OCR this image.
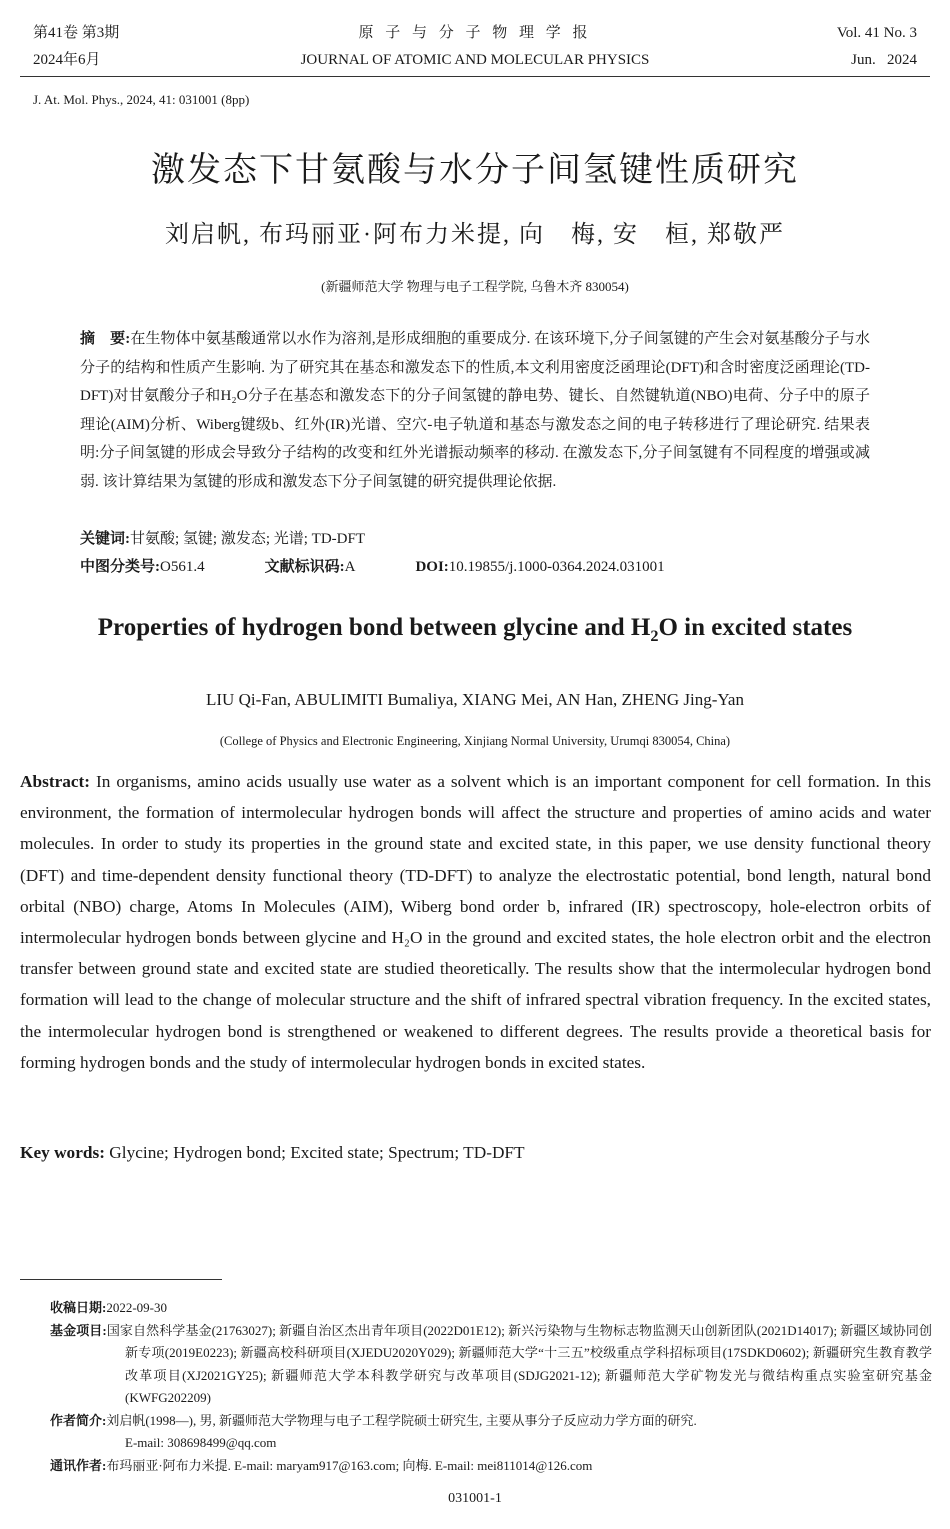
第41卷 第3期
2024年6月
原 子 与 分 子 物 理 学 报
JOURNAL OF ATOMIC AND MOLECULAR PHYSICS
Vol. 41 No. 3
Jun.   2024
J. At. Mol. Phys., 2024, 41: 031001 (8pp)
激发态下甘氨酸与水分子间氢键性质研究
刘启帆, 布玛丽亚·阿布力米提, 向　梅, 安　桓, 郑敬严
(新疆师范大学 物理与电子工程学院, 乌鲁木齐 830054)
摘　要:在生物体中氨基酸通常以水作为溶剂,是形成细胞的重要成分. 在该环境下,分子间氢键的产生会对氨基酸分子与水分子的结构和性质产生影响. 为了研究其在基态和激发态下的性质,本文利用密度泛函理论(DFT)和含时密度泛函理论(TD-DFT)对甘氨酸分子和H₂O分子在基态和激发态下的分子间氢键的静电势、键长、自然键轨道(NBO)电荷、分子中的原子理论(AIM)分析、Wiberg键级b、红外(IR)光谱、空穴-电子轨道和基态与激发态之间的电子转移进行了理论研究. 结果表明:分子间氢键的形成会导致分子结构的改变和红外光谱振动频率的移动. 在激发态下,分子间氢键有不同程度的增强或减弱. 该计算结果为氢键的形成和激发态下分子间氢键的研究提供理论依据.
关键词:甘氨酸; 氢键; 激发态; 光谱; TD-DFT
中图分类号:O561.4	文献标识码:A	DOI:10.19855/j.1000-0364.2024.031001
Properties of hydrogen bond between glycine and $H_2O$ in excited states
LIU Qi-Fan, ABULIMITI Bumaliya, XIANG Mei, AN Han, ZHENG Jing-Yan
(College of Physics and Electronic Engineering, Xinjiang Normal University, Urumqi 830054, China)
Abstract: In organisms, amino acids usually use water as a solvent which is an important component for cell formation. In this environment, the formation of intermolecular hydrogen bonds will affect the structure and properties of amino acids and water molecules. In order to study its properties in the ground state and excited state, in this paper, we use density functional theory (DFT) and time-dependent density functional theory (TD-DFT) to analyze the electrostatic potential, bond length, natural bond orbital (NBO) charge, Atoms In Molecules (AIM), Wiberg bond order b, infrared (IR) spectroscopy, hole-electron orbits of intermolecular hydrogen bonds between glycine and H₂O in the ground and excited states, the hole electron orbit and the electron transfer between ground state and excited state are studied theoretically. The results show that the intermolecular hydrogen bond formation will lead to the change of molecular structure and the shift of infrared spectral vibration frequency. In the excited states, the intermolecular hydrogen bond is strengthened or weakened to different degrees. The results provide a theoretical basis for forming hydrogen bonds and the study of intermolecular hydrogen bonds in excited states.
Key words: Glycine; Hydrogen bond; Excited state; Spectrum; TD-DFT
收稿日期:2022-09-30
基金项目:国家自然科学基金(21763027); 新疆自治区杰出青年项目(2022D01E12); 新兴污染物与生物标志物监测天山创新团队(2021D14017); 新疆区域协同创新专项(2019E0223); 新疆高校科研项目(XJEDU2020Y029); 新疆师范大学“十三五”校级重点学科招标项目(17SDKD0602); 新疆研究生教育教学改革项目(XJ2021GY25); 新疆师范大学本科教学研究与改革项目(SDJG2021-12); 新疆师范大学矿物发光与微结构重点实验室研究基金(KWFG202209)
作者简介:刘启帆(1998—), 男, 新疆师范大学物理与电子工程学院硕士研究生, 主要从事分子反应动力学方面的研究.
E-mail: 308698499@qq.com
通讯作者:布玛丽亚·阿布力米提. E-mail: maryam917@163.com; 向梅. E-mail: mei811014@126.com
031001-1
